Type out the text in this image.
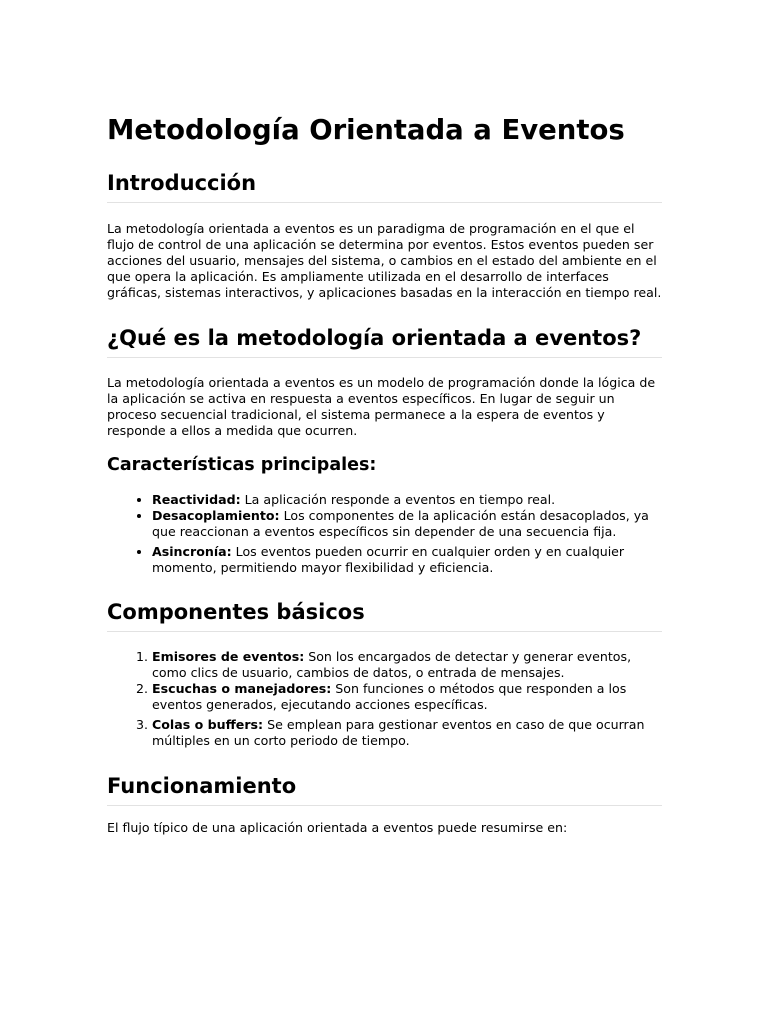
Metodología Orientada a Eventos
Introducción

La metodología orientada a eventos es un paradigma de programación en el que el flujo de control de una aplicación se determina por eventos. Estos eventos pueden ser acciones del usuario, mensajes del sistema, o cambios en el estado del ambiente en el que opera la aplicación. Es ampliamente utilizada en el desarrollo de interfaces gráficas, sistemas interactivos, y aplicaciones basadas en la interacción en tiempo real.

¿Qué es la metodología orientada a eventos?

La metodología orientada a eventos es un modelo de programación donde la lógica de la aplicación se activa en respuesta a eventos específicos. En lugar de seguir un proceso secuencial tradicional, el sistema permanece a la espera de eventos y responde a ellos a medida que ocurren.

Características principales:
• Reactividad: La aplicación responde a eventos en tiempo real.
• Desacoplamiento: Los componentes de la aplicación están desacoplados, ya que reaccionan a eventos específicos sin depender de una secuencia fija.
• Asincronía: Los eventos pueden ocurrir en cualquier orden y en cualquier momento, permitiendo mayor flexibilidad y eficiencia.
Componentes básicos
1. Emisores de eventos: Son los encargados de detectar y generar eventos, como clics de usuario, cambios de datos, o entrada de mensajes.
2. Escuchas o manejadores: Son funciones o métodos que responden a los eventos generados, ejecutando acciones específicas.
3. Colas o buffers: Se emplean para gestionar eventos en caso de que ocurran múltiples en un corto periodo de tiempo.
Funcionamiento

El flujo típico de una aplicación orientada a eventos puede resumirse en:
